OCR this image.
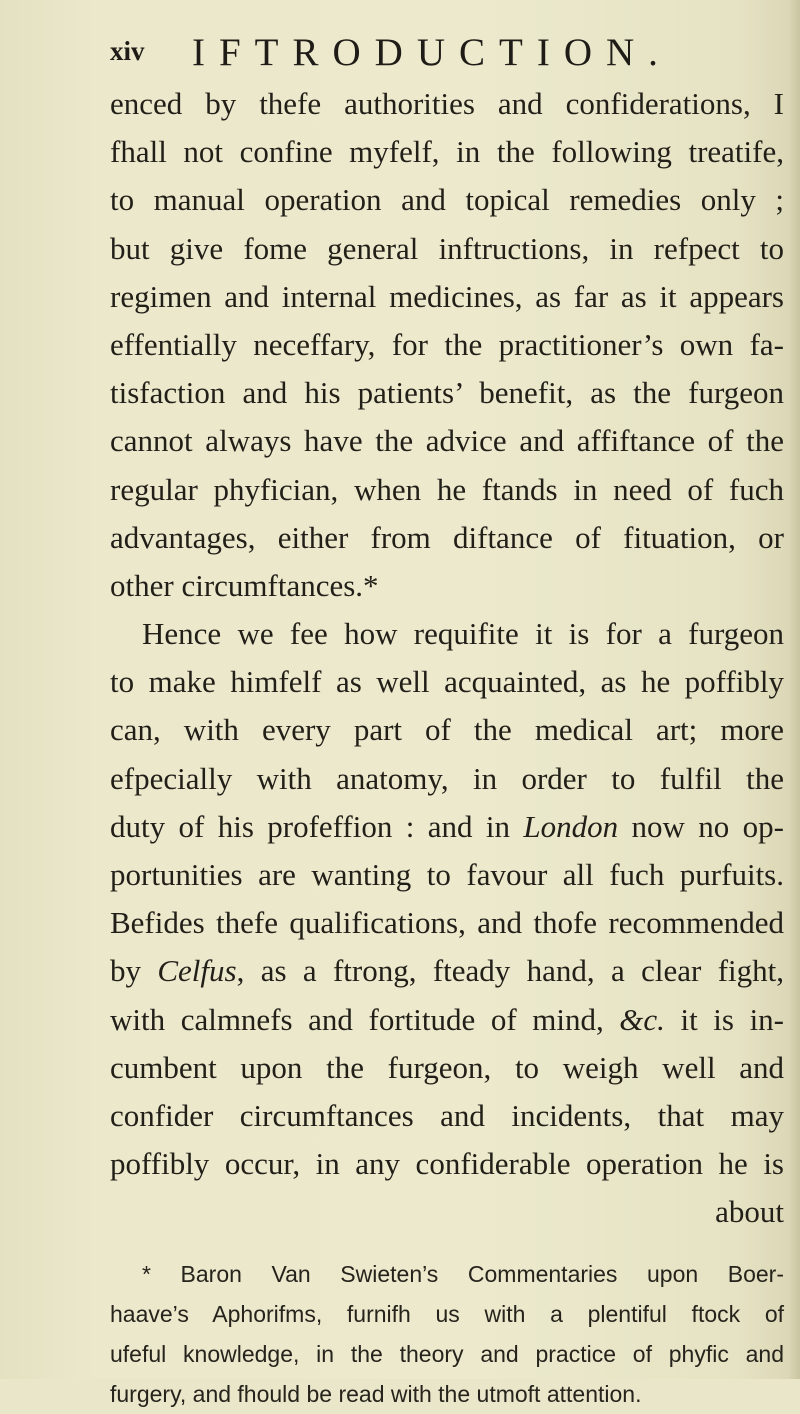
xiv IFTRODUCTION.
enced by thefe authorities and confiderations, I
fhall not confine myfelf, in the following treatife,
to manual operation and topical remedies only ;
but give fome general inftructions, in refpect to
regimen and internal medicines, as far as it appears
effentially neceffary, for the practitioner’s own fa-
tisfaction and his patients’ benefit, as the furgeon
cannot always have the advice and affiftance of the
regular phyfician, when he ftands in need of fuch
advantages, either from diftance of fituation, or
other circumftances.*
Hence we fee how requifite it is for a furgeon
to make himfelf as well acquainted, as he poffibly
can, with every part of the medical art; more
efpecially with anatomy, in order to fulfil the
duty of his profeffion : and in London now no op-
portunities are wanting to favour all fuch purfuits.
Befides thefe qualifications, and thofe recommended
by Celfus, as a ftrong, fteady hand, a clear fight,
with calmnefs and fortitude of mind, &c. it is in-
cumbent upon the furgeon, to weigh well and
confider circumftances and incidents, that may
poffibly occur, in any confiderable operation he is
about
* Baron Van Swieten’s Commentaries upon Boer-
haave’s Aphorifms, furnifh us with a plentiful ftock of
ufeful knowledge, in the theory and practice of phyfic and
furgery, and fhould be read with the utmoft attention.
